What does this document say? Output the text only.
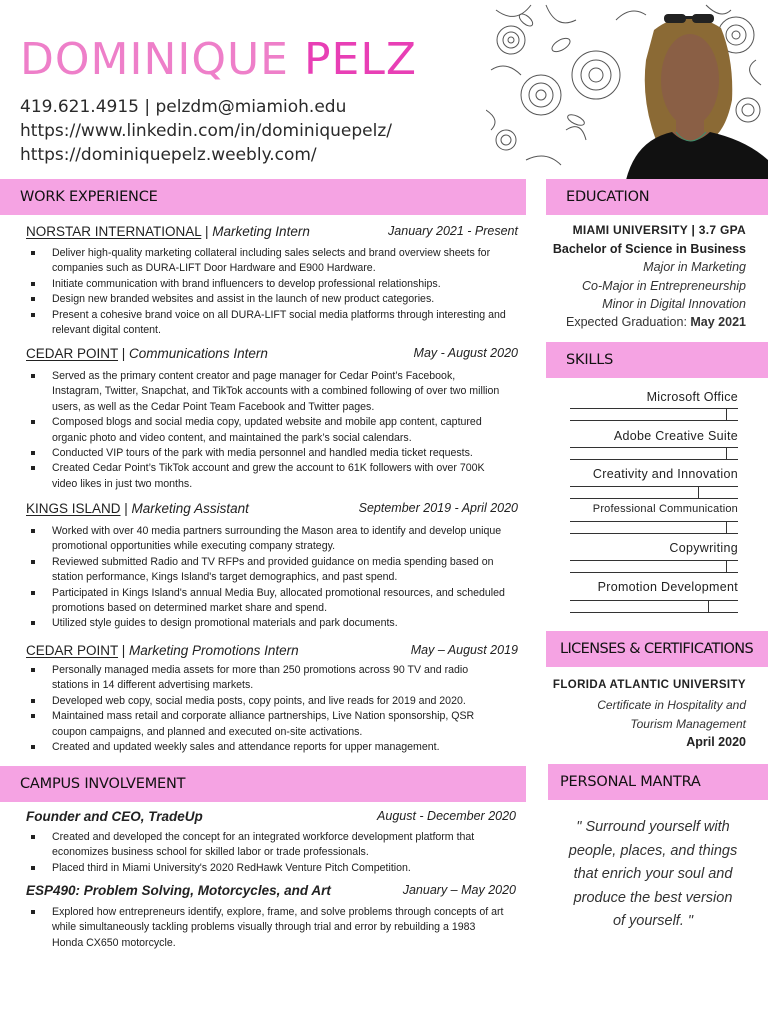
DOMINIQUE PELZ
419.621.4915 | pelzdm@miamioh.edu
https://www.linkedin.com/in/dominiquepelz/
https://dominiquepelz.weebly.com/
WORK EXPERIENCE
NORSTAR INTERNATIONAL | Marketing Intern	January 2021 - Present
Deliver high-quality marketing collateral including sales selects and brand overview sheets for companies such as DURA-LIFT Door Hardware and E900 Hardware.
Initiate communication with brand influencers to develop professional relationships.
Design new branded websites and assist in the launch of new product categories.
Present a cohesive brand voice on all DURA-LIFT social media platforms through interesting and relevant digital content.
CEDAR POINT | Communications Intern	May - August 2020
Served as the primary content creator and page manager for Cedar Point’s Facebook, Instagram, Twitter, Snapchat, and TikTok accounts with a combined following of over two million users, as well as the Cedar Point Team Facebook and Twitter pages.
Composed blogs and social media copy, updated website and mobile app content, captured organic photo and video content, and maintained the park’s social calendars.
Conducted VIP tours of the park with media personnel and handled media ticket requests.
Created Cedar Point’s TikTok account and grew the account to 61K followers with over 700K video likes in just two months.
KINGS ISLAND | Marketing Assistant	September 2019 - April 2020
Worked with over 40 media partners surrounding the Mason area to identify and develop unique promotional opportunities while executing company strategy.
Reviewed submitted Radio and TV RFPs and provided guidance on media spending based on station performance, Kings Island's target demographics, and past spend.
Participated in Kings Island's annual Media Buy, allocated promotional resources, and scheduled promotions based on determined market share and spend.
Utilized style guides to design promotional materials and park documents.
CEDAR POINT | Marketing Promotions Intern	May – August 2019
Personally managed media assets for more than 250 promotions across 90 TV and radio stations in 14 different advertising markets.
Developed web copy, social media posts, copy points, and live reads for 2019 and 2020.
Maintained mass retail and corporate alliance partnerships, Live Nation sponsorship, QSR coupon campaigns, and planned and executed on-site activations.
Created and updated weekly sales and attendance reports for upper management.
CAMPUS INVOLVEMENT
Founder and CEO, TradeUp	August - December 2020
Created and developed the concept for an integrated workforce development platform that economizes business school for skilled labor or trade professionals.
Placed third in Miami University's 2020 RedHawk Venture Pitch Competition.
ESP490: Problem Solving, Motorcycles, and Art	January – May 2020
Explored how entrepreneurs identify, explore, frame, and solve problems through concepts of art while simultaneously tackling problems visually through trial and error by rebuilding a 1983 Honda CX650 motorcycle.
EDUCATION
MIAMI UNIVERSITY | 3.7 GPA
Bachelor of Science in Business
Major in Marketing
Co-Major in Entrepreneurship
Minor in Digital Innovation
Expected Graduation: May 2021
SKILLS
Microsoft Office
Adobe Creative Suite
Creativity and Innovation
Professional Communication
Copywriting
Promotion Development
LICENSES & CERTIFICATIONS
FLORIDA ATLANTIC UNIVERSITY
Certificate in Hospitality and
Tourism Management
April 2020
PERSONAL MANTRA
" Surround yourself with
people, places, and things
that enrich your soul and
produce the best version
of yourself. "
